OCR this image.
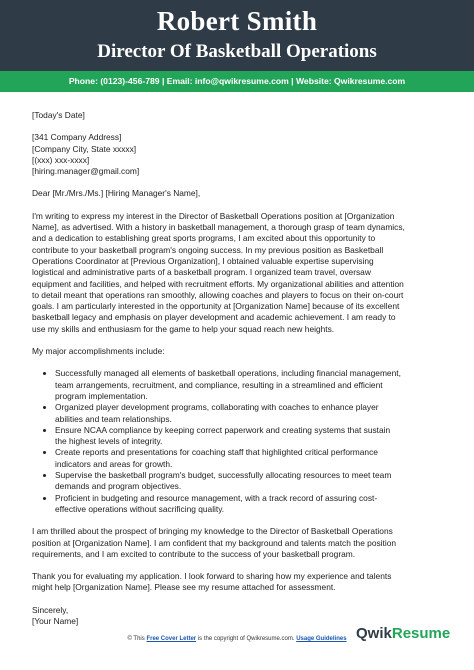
Robert Smith
Director Of Basketball Operations
Phone: (0123)-456-789 | Email: info@qwikresume.com | Website: Qwikresume.com

[Today's Date]

[341 Company Address]
[Company City, State xxxxx]
[(xxx) xxx-xxxx]
[hiring.manager@gmail.com]

Dear [Mr./Mrs./Ms.] [Hiring Manager's Name],

I'm writing to express my interest in the Director of Basketball Operations position at [Organization
Name], as advertised. With a history in basketball management, a thorough grasp of team dynamics,
and a dedication to establishing great sports programs, I am excited about this opportunity to
contribute to your basketball program's ongoing success. In my previous position as Basketball
Operations Coordinator at [Previous Organization], I obtained valuable expertise supervising
logistical and administrative parts of a basketball program. I organized team travel, oversaw
equipment and facilities, and helped with recruitment efforts. My organizational abilities and attention
to detail meant that operations ran smoothly, allowing coaches and players to focus on their on-court
goals. I am particularly interested in the opportunity at [Organization Name] because of its excellent
basketball legacy and emphasis on player development and academic achievement. I am ready to
use my skills and enthusiasm for the game to help your squad reach new heights.

My major accomplishments include:

• Successfully managed all elements of basketball operations, including financial management,
team arrangements, recruitment, and compliance, resulting in a streamlined and efficient
program implementation.
• Organized player development programs, collaborating with coaches to enhance player
abilities and team relationships.
• Ensure NCAA compliance by keeping correct paperwork and creating systems that sustain
the highest levels of integrity.
• Create reports and presentations for coaching staff that highlighted critical performance
indicators and areas for growth.
• Supervise the basketball program's budget, successfully allocating resources to meet team
demands and program objectives.
• Proficient in budgeting and resource management, with a track record of assuring cost-
effective operations without sacrificing quality.
I am thrilled about the prospect of bringing my knowledge to the Director of Basketball Operations
position at [Organization Name]. I am confident that my background and talents match the position
requirements, and I am excited to contribute to the success of your basketball program.
Thank you for evaluating my application. I look forward to sharing how my experience and talents
might help [Organization Name]. Please see my resume attached for assessment.

Sincerely,

[Your Name]

© This Free Cover Letter is the copyright of Qwikresume.com. Usage Guidelines QwikResume
